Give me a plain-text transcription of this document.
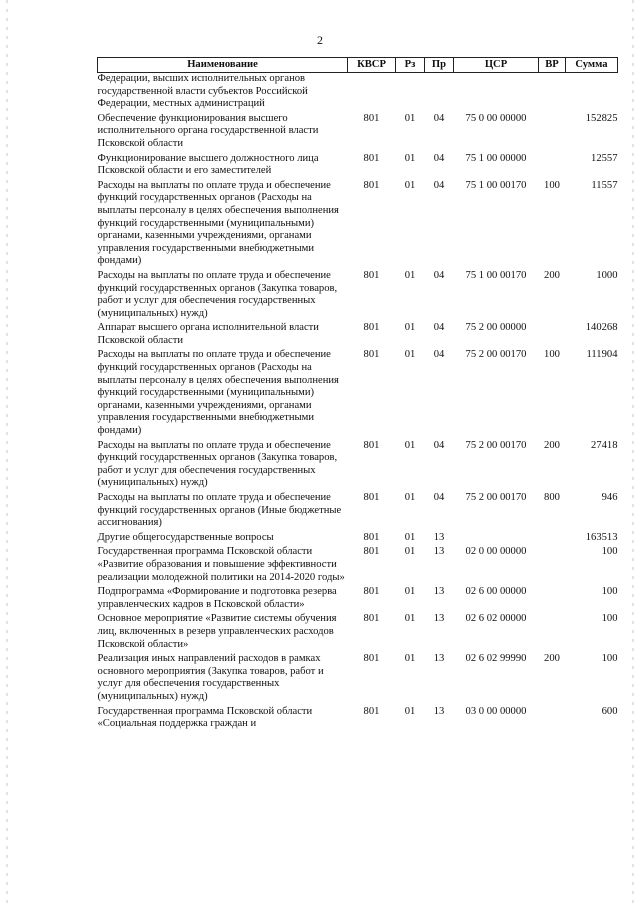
2
Наименование	КВСР	Рз	Пр	ЦСР	ВР	Сумма
Федерации, высших исполнительных органов государственной власти субъектов Российской Федерации, местных администраций						
Обеспечение функционирования высшего исполнительного органа государственной власти Псковской области	801	01	04	75 0 00 00000		152825
Функционирование высшего должностного лица Псковской области и его заместителей	801	01	04	75 1 00 00000		12557
Расходы на выплаты по оплате труда и обеспечение функций государственных органов (Расходы на выплаты персоналу в целях обеспечения выполнения функций государственными (муниципальными) органами, казенными учреждениями, органами управления государственными внебюджетными фондами)	801	01	04	75 1 00 00170	100	11557
Расходы на выплаты по оплате труда и обеспечение функций государственных органов (Закупка товаров, работ и услуг для обеспечения государственных (муниципальных) нужд)	801	01	04	75 1 00 00170	200	1000
Аппарат высшего органа исполнительной власти Псковской области	801	01	04	75 2 00 00000		140268
Расходы на выплаты по оплате труда и обеспечение функций государственных органов (Расходы на выплаты персоналу в целях обеспечения выполнения функций государственными (муниципальными) органами, казенными учреждениями, органами управления государственными внебюджетными фондами)	801	01	04	75 2 00 00170	100	111904
Расходы на выплаты по оплате труда и обеспечение функций государственных органов (Закупка товаров, работ и услуг для обеспечения государственных (муниципальных) нужд)	801	01	04	75 2 00 00170	200	27418
Расходы на выплаты по оплате труда и обеспечение функций государственных органов (Иные бюджетные ассигнования)	801	01	04	75 2 00 00170	800	946
Другие общегосударственные вопросы	801	01	13			163513
Государственная программа Псковской области «Развитие образования и повышение эффективности реализации молодежной политики на 2014-2020 годы»	801	01	13	02 0 00 00000		100
Подпрограмма «Формирование и подготовка резерва управленческих кадров в Псковской области»	801	01	13	02 6 00 00000		100
Основное мероприятие «Развитие системы обучения лиц, включенных в резерв управленческих расходов Псковской области»	801	01	13	02 6 02 00000		100
Реализация иных направлений расходов в рамках основного мероприятия (Закупка товаров, работ и услуг для обеспечения государственных (муниципальных) нужд)	801	01	13	02 6 02 99990	200	100
Государственная программа Псковской области «Социальная поддержка граждан и	801	01	13	03 0 00 00000		600
